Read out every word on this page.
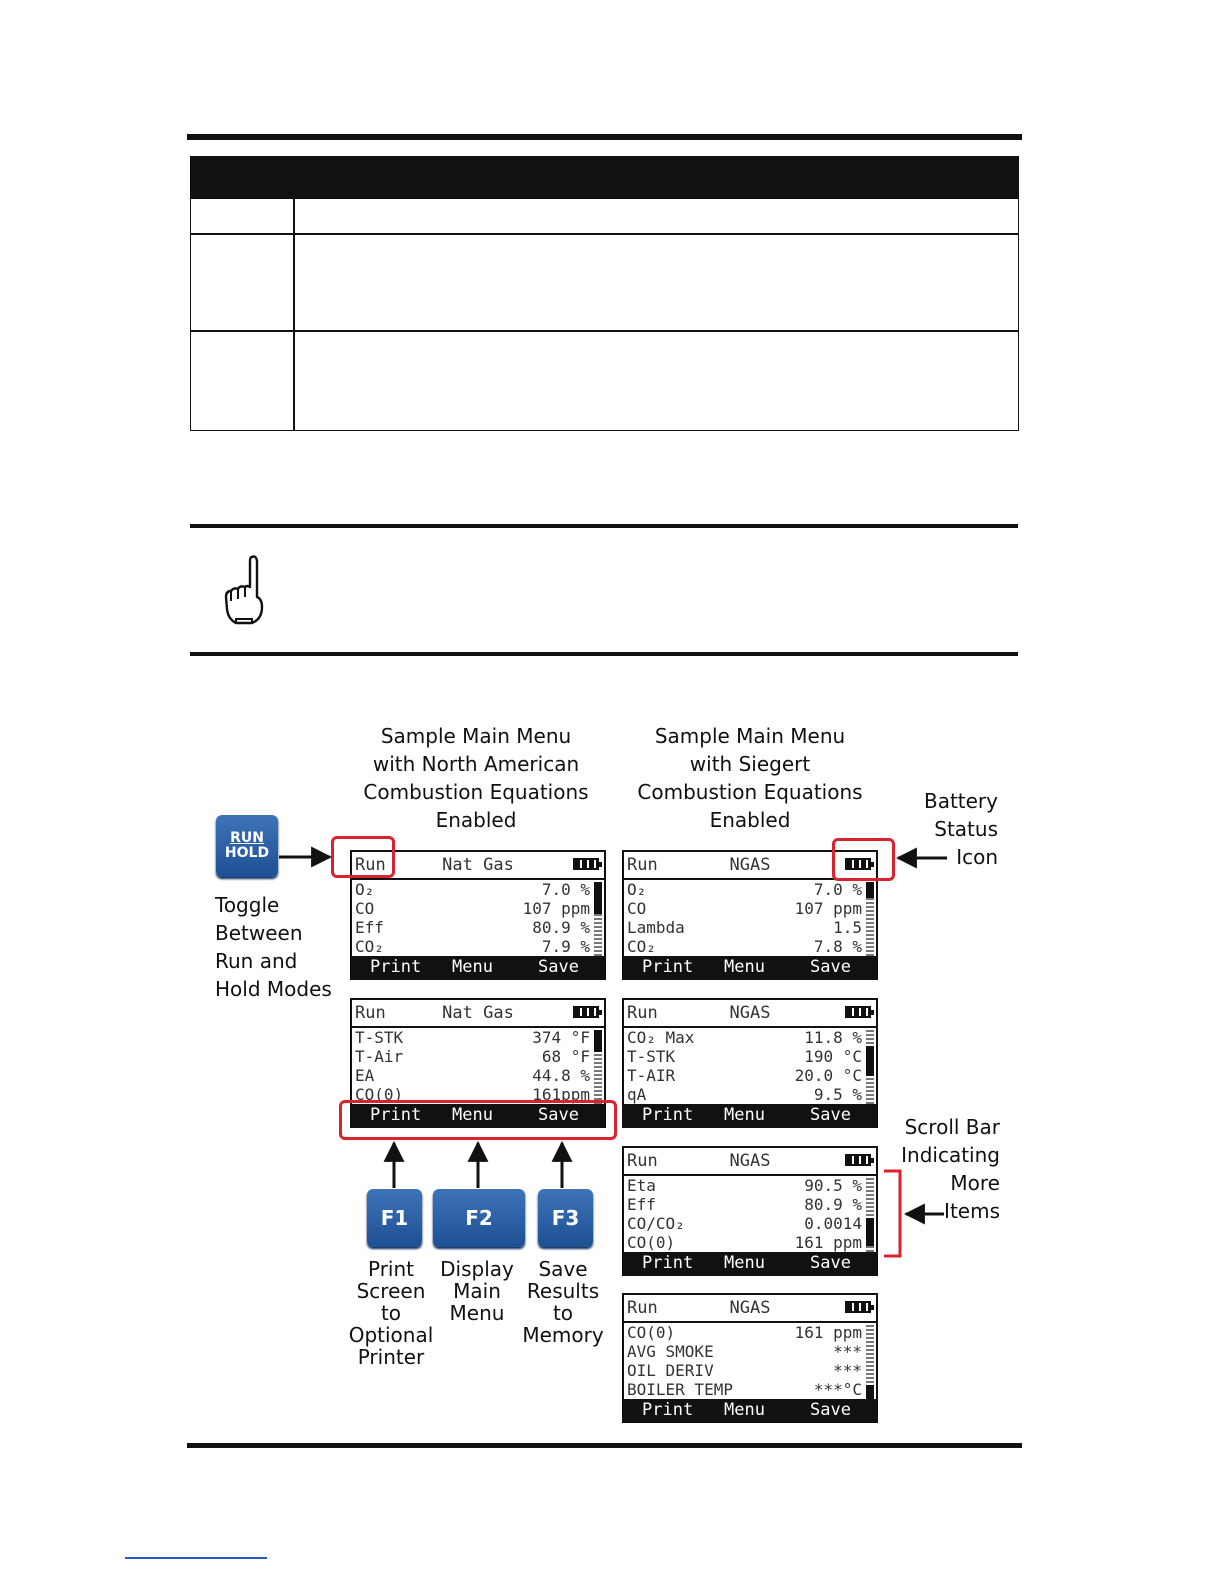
Sample Main Menu
with North American
Combustion Equations
Enabled
Sample Main Menu
with Siegert
Combustion Equations
Enabled
Battery
Status
Icon
Toggle
Between
Run and
Hold Modes
Scroll Bar
Indicating
More
Items
Print
Screen
to
Optional
Printer
Display
Main
Menu
Save
Results
to
Memory
RUN
HOLD
F1	F2	F3
Nat Gas
Run
O₂	7.0 %
CO	107 ppm
Eff	80.9 %
CO₂	7.9 %
Print Menu	Save
Nat Gas
Run
T-STK	374 °F
T-Air	68 °F
EA	44.8 %
CO(0)	161ppm
Print Menu	Save
NGAS
Run
O₂	7.0 %
CO	107 ppm
Lambda	1.5
CO₂	7.8 %
Print Menu	Save
NGAS
Run
CO₂ Max	11.8 %
T-STK	190 °C
T-AIR	20.0 °C
qA	9.5 %
Print Menu	Save
NGAS
Run
Eta	90.5 %
Eff	80.9 %
CO/CO₂	0.0014
CO(0)	161 ppm
Print Menu	Save
NGAS
Run
CO(0)	161 ppm
AVG SMOKE	***
OIL DERIV	***
BOILER TEMP	***°C
Print Menu	Save
